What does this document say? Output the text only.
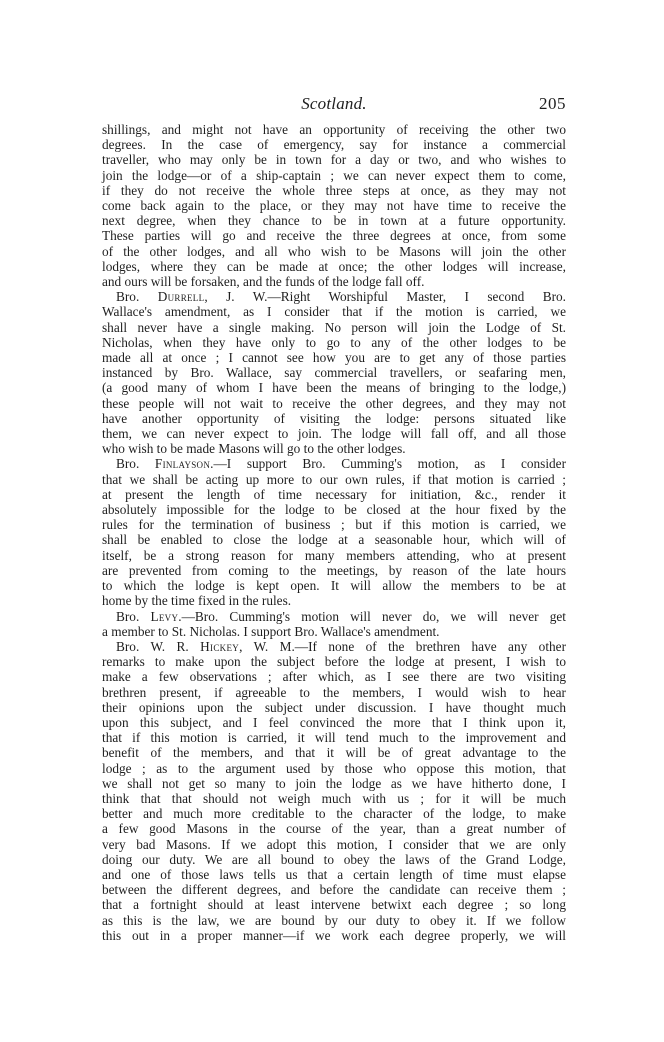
Scotland.	205

shillings, and might not have an opportunity of receiving the other two

degrees. In the case of emergency, say for instance a commercial

traveller, who may only be in town for a day or two, and who wishes to

join the lodge—or of a ship-captain ; we can never expect them to come,

if they do not receive the whole three steps at once, as they may not

come back again to the place, or they may not have time to receive the

next degree, when they chance to be in town at a future opportunity.

These parties will go and receive the three degrees at once, from some

of the other lodges, and all who wish to be Masons will join the other

lodges, where they can be made at once; the other lodges will increase,

and ours will be forsaken, and the funds of the lodge fall off.

Bro. Durrell, J. W.—Right Worshipful Master, I second Bro.

Wallace's amendment, as I consider that if the motion is carried, we

shall never have a single making. No person will join the Lodge of St.

Nicholas, when they have only to go to any of the other lodges to be

made all at once ; I cannot see how you are to get any of those parties

instanced by Bro. Wallace, say commercial travellers, or seafaring men,

(a good many of whom I have been the means of bringing to the lodge,)

these people will not wait to receive the other degrees, and they may not

have another opportunity of visiting the lodge: persons situated like

them, we can never expect to join. The lodge will fall off, and all those

who wish to be made Masons will go to the other lodges.

Bro. Finlayson.—I support Bro. Cumming's motion, as I consider

that we shall be acting up more to our own rules, if that motion is carried ;

at present the length of time necessary for initiation, &c., render it

absolutely impossible for the lodge to be closed at the hour fixed by the

rules for the termination of business ; but if this motion is carried, we

shall be enabled to close the lodge at a seasonable hour, which will of

itself, be a strong reason for many members attending, who at present

are prevented from coming to the meetings, by reason of the late hours

to which the lodge is kept open. It will allow the members to be at

home by the time fixed in the rules.

Bro. Levy.—Bro. Cumming's motion will never do, we will never get

a member to St. Nicholas. I support Bro. Wallace's amendment.

Bro. W. R. Hickey, W. M.—If none of the brethren have any other

remarks to make upon the subject before the lodge at present, I wish to

make a few observations ; after which, as I see there are two visiting

brethren present, if agreeable to the members, I would wish to hear

their opinions upon the subject under discussion. I have thought much

upon this subject, and I feel convinced the more that I think upon it,

that if this motion is carried, it will tend much to the improvement and

benefit of the members, and that it will be of great advantage to the

lodge ; as to the argument used by those who oppose this motion, that

we shall not get so many to join the lodge as we have hitherto done, I

think that that should not weigh much with us ; for it will be much

better and much more creditable to the character of the lodge, to make

a few good Masons in the course of the year, than a great number of

very bad Masons. If we adopt this motion, I consider that we are only

doing our duty. We are all bound to obey the laws of the Grand Lodge,

and one of those laws tells us that a certain length of time must elapse

between the different degrees, and before the candidate can receive them ;

that a fortnight should at least intervene betwixt each degree ; so long

as this is the law, we are bound by our duty to obey it. If we follow

this out in a proper manner—if we work each degree properly, we will
